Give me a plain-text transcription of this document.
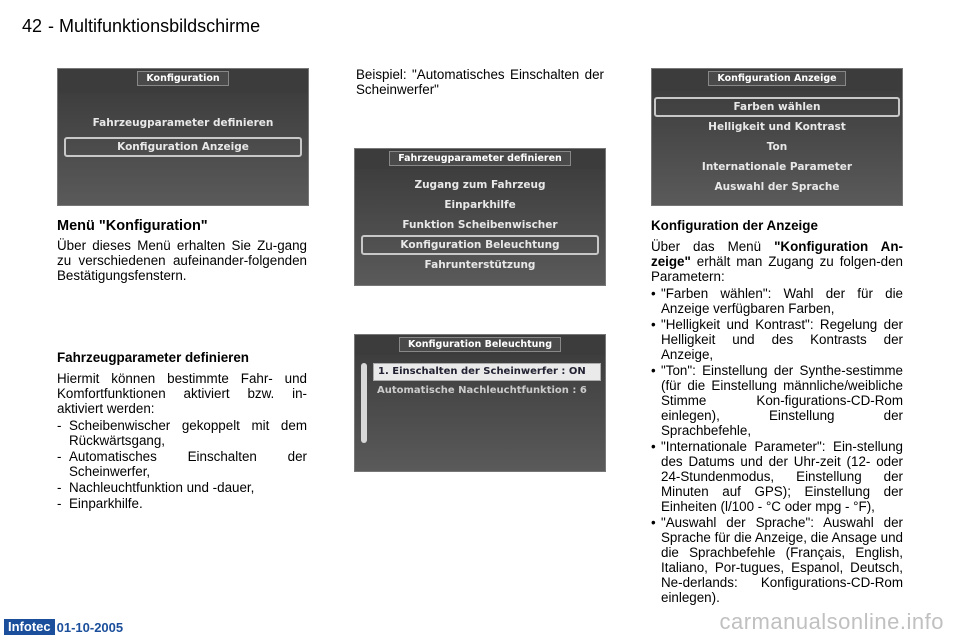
42 - Multifunktionsbildschirme
Konfiguration
Fahrzeugparameter definieren
Konfiguration Anzeige
Menü "Konfiguration"

Über dieses Menü erhalten Sie Zu-gang zu verschiedenen aufeinander-folgenden Bestätigungsfenstern.

Fahrzeugparameter definieren

Hiermit können bestimmte Fahr- und Komfortfunktionen aktiviert bzw. in-aktiviert werden:

- Scheibenwischer gekoppelt mit dem Rückwärtsgang,
- Automatisches Einschalten der Scheinwerfer,
- Nachleuchtfunktion und -dauer,
- Einparkhilfe.

Beispiel: "Automatisches Einschalten der Scheinwerfer"

Fahrzeugparameter definieren
Zugang zum Fahrzeug
Einparkhilfe
Funktion Scheibenwischer
Konfiguration Beleuchtung
Fahrunterstützung
Konfiguration Beleuchtung
1. Einschalten der Scheinwerfer : ON
Automatische Nachleuchtfunktion : 6
Konfiguration Anzeige
Farben wählen
Helligkeit und Kontrast
Ton
Internationale Parameter
Auswahl der Sprache
Konfiguration der Anzeige

Über das Menü "Konfiguration An-zeige" erhält man Zugang zu folgen-den Parametern:

• "Farben wählen": Wahl der für die Anzeige verfügbaren Farben,
• "Helligkeit und Kontrast": Regelung der Helligkeit und des Kontrasts der Anzeige,
• "Ton": Einstellung der Synthe-sestimme (für die Einstellung männliche/weibliche Stimme Kon-figurations-CD-Rom einlegen), Einstellung der Sprachbefehle,
• "Internationale Parameter": Ein-stellung des Datums und der Uhr-zeit (12- oder 24-Stundenmodus, Einstellung der Minuten auf GPS); Einstellung der Einheiten (l/100 - °C oder mpg - °F),
• "Auswahl der Sprache": Auswahl der Sprache für die Anzeige, die Ansage und die Sprachbefehle (Français, English, Italiano, Por-tugues, Espanol, Deutsch, Ne-derlands: Konfigurations-CD-Rom einlegen).
Infotec 01-10-2005	carmanualsonline.info
